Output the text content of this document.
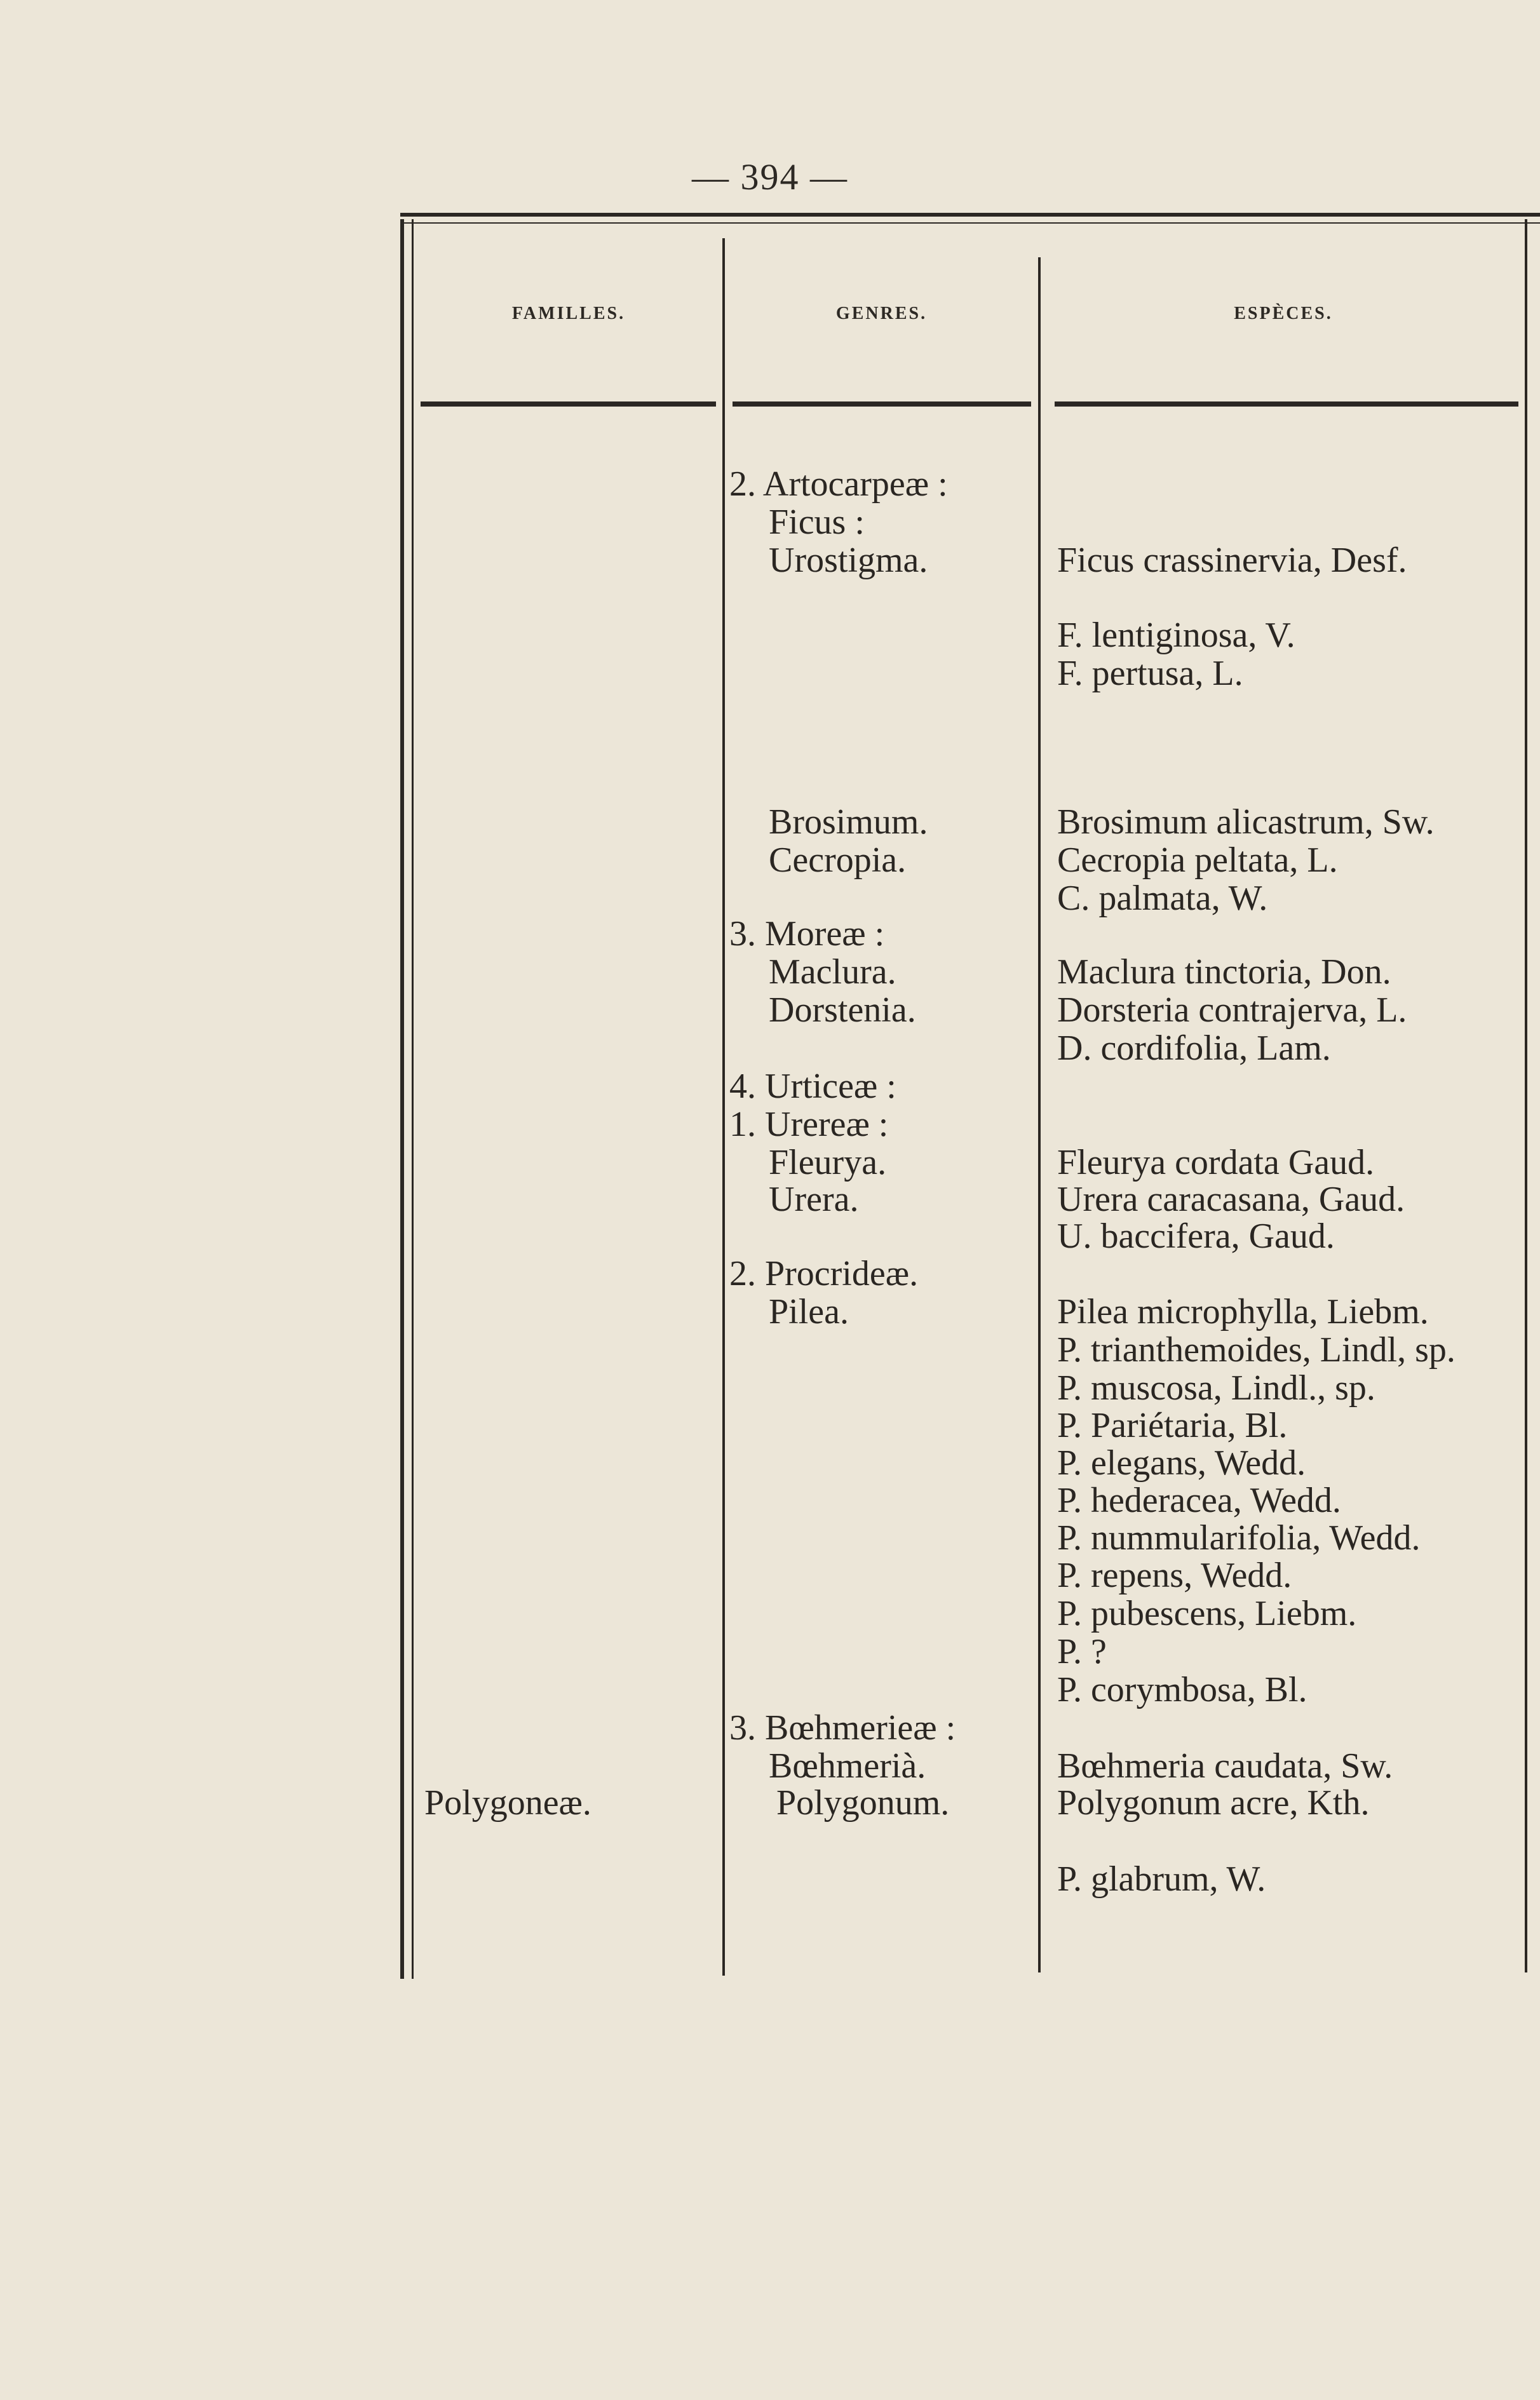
— 394 —
FAMILLES.	GENRES.	ESPÈCES.
Polygoneæ.
2. Artocarpeæ :
Ficus :
Urostigma.
Brosimum.
Cecropia.
3. Moreæ :
Maclura.
Dorstenia.
4. Urticeæ :
1. Urereæ :
Fleurya.
Urera.
2. Procrideæ.
Pilea.
3. Bœhmerieæ :
Bœhmerià.
Polygonum.
Ficus crassinervia, Desf.
F. lentiginosa, V.
F. pertusa, L.
Brosimum alicastrum, Sw.
Cecropia peltata, L.
C. palmata, W.
Maclura tinctoria, Don.
Dorsteria contrajerva, L.
D. cordifolia, Lam.
Fleurya cordata Gaud.
Urera caracasana, Gaud.
U. baccifera, Gaud.
Pilea microphylla, Liebm.
P. trianthemoides, Lindl, sp.
P. muscosa, Lindl., sp.
P. Pariétaria, Bl.
P. elegans, Wedd.
P. hederacea, Wedd.
P. nummularifolia, Wedd.
P. repens, Wedd.
P. pubescens, Liebm.
P. ?
P. corymbosa, Bl.
Bœhmeria caudata, Sw.
Polygonum acre, Kth.
P. glabrum, W.
